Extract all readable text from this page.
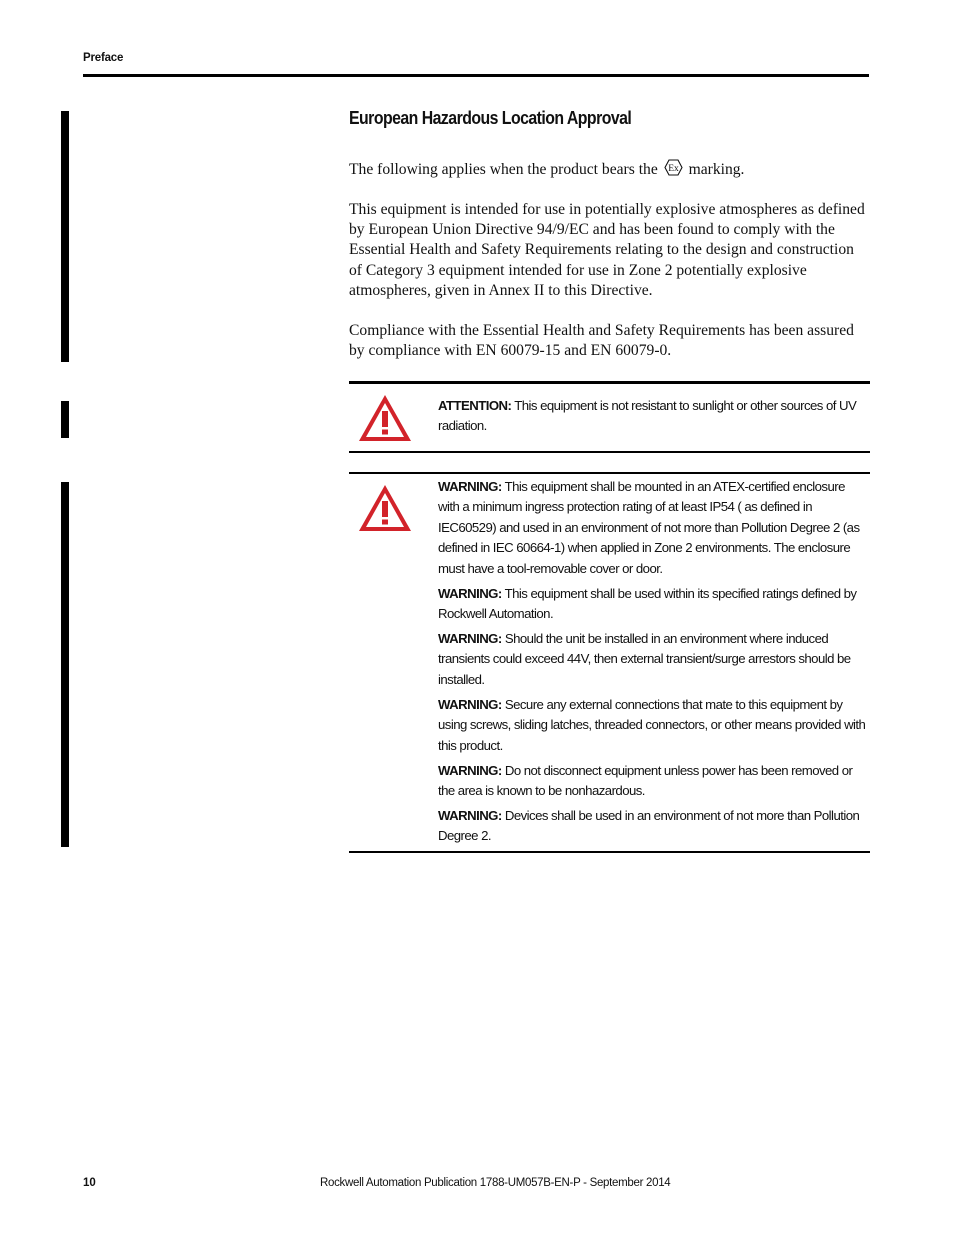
Preface
European Hazardous Location Approval

The following applies when the product bears the Ex marking.

This equipment is intended for use in potentially explosive atmospheres as defined by European Union Directive 94/9/EC and has been found to comply with the Essential Health and Safety Requirements relating to the design and construction of Category 3 equipment intended for use in Zone 2 potentially explosive atmospheres, given in Annex II to this Directive.

Compliance with the Essential Health and Safety Requirements has been assured by compliance with EN 60079-15 and EN 60079-0.

ATTENTION: This equipment is not resistant to sunlight or other sources of UV radiation.
WARNING: This equipment shall be mounted in an ATEX-certified enclosure with a minimum ingress protection rating of at least IP54 ( as defined in IEC60529) and used in an environment of not more than Pollution Degree 2 (as defined in IEC 60664-1) when applied in Zone 2 environments. The enclosure must have a tool-removable cover or door.
WARNING: This equipment shall be used within its specified ratings defined by Rockwell Automation.
WARNING: Should the unit be installed in an environment where induced transients could exceed 44V, then external transient/surge arrestors should be installed.
WARNING: Secure any external connections that mate to this equipment by using screws, sliding latches, threaded connectors, or other means provided with this product.
WARNING: Do not disconnect equipment unless power has been removed or the area is known to be nonhazardous.
WARNING: Devices shall be used in an environment of not more than Pollution Degree 2.
10	Rockwell Automation Publication 1788-UM057B-EN-P - September 2014
